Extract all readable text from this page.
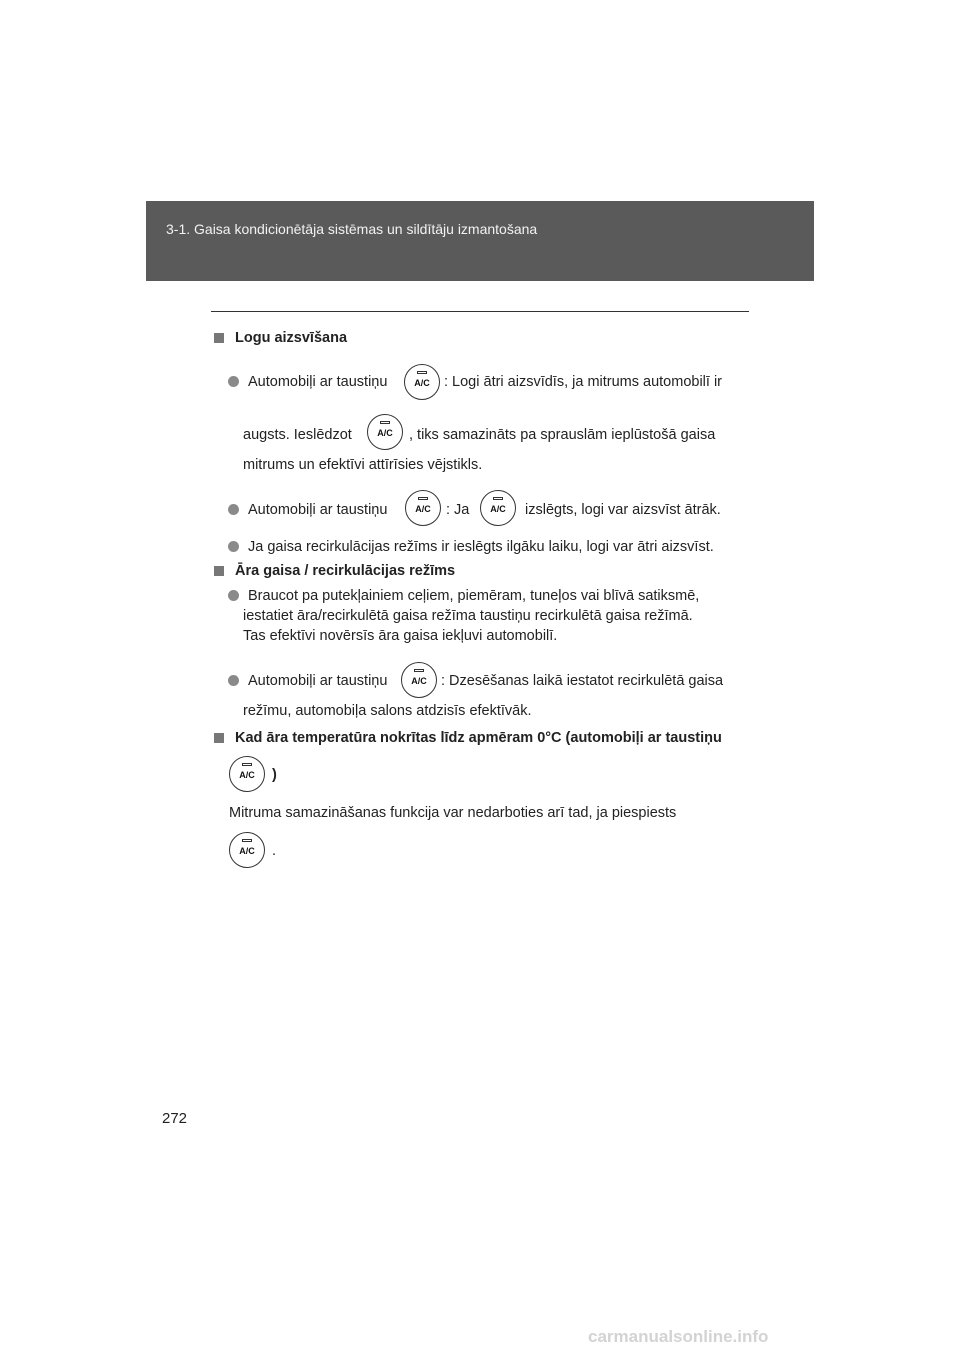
3-1. Gaisa kondicionētāja sistēmas un sildītāju izmantošana
Logu aizsvīšana
Automobiļi ar taustiņu	A/C : Logi ātri aizsvīdīs, ja mitrums automobilī ir
augsts. Ieslēdzot	A/C	, tiks samazināts pa sprauslām ieplūstošā gaisa
mitrums un efektīvi attīrīsies vējstikls.
Automobiļi ar taustiņu	A/C	: Ja	A/C	izslēgts, logi var aizsvīst ātrāk.
Ja gaisa recirkulācijas režīms ir ieslēgts ilgāku laiku, logi var ātri aizsvīst.
Āra gaisa / recirkulācijas režīms
Braucot pa putekļainiem ceļiem, piemēram, tuneļos vai blīvā satiksmē,
iestatiet āra/recirkulētā gaisa režīma taustiņu recirkulētā gaisa režīmā.
Tas efektīvi novērsīs āra gaisa iekļuvi automobilī.
Automobiļi ar taustiņu	A/C : Dzesēšanas laikā iestatot recirkulētā gaisa
režīmu, automobiļa salons atdzisīs efektīvāk.
Kad āra temperatūra nokrītas līdz apmēram 0°C (automobiļi ar taustiņu
A/C	)
Mitruma samazināšanas funkcija var nedarboties arī tad, ja piespiests
A/C	.
272
carmanualsonline.info
